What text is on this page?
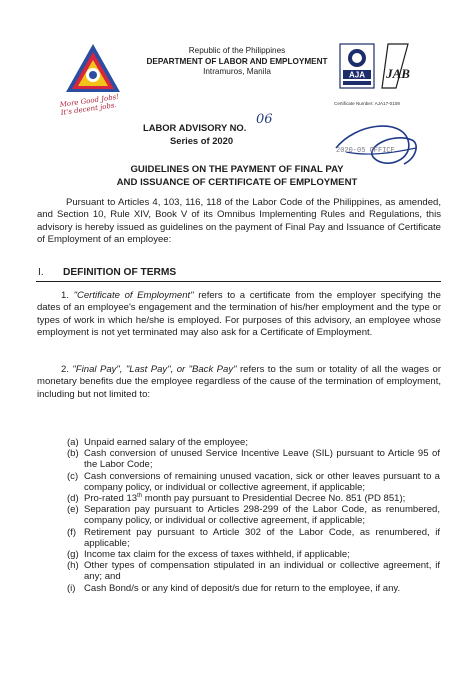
More Good Jobs! It's decent jobs.
Republic of the Philippines
DEPARTMENT OF LABOR AND EMPLOYMENT
Intramuros, Manila	AJA JAB
Certificate Number: AJA17-0108
LABOR ADVISORY NO.
06
Series of 2020
2020-05 OFFICE
GUIDELINES ON THE PAYMENT OF FINAL PAY
AND ISSUANCE OF CERTIFICATE OF EMPLOYMENT
Pursuant to Articles 4, 103, 116, 118 of the Labor Code of the Philippines, as amended, and Section 10, Rule XIV, Book V of its Omnibus Implementing Rules and Regulations, this advisory is hereby issued as guidelines on the payment of Final Pay and Issuance of Certificate of Employment of an employee:
I. DEFINITION OF TERMS
1. "Certificate of Employment" refers to a certificate from the employer specifying the dates of an employee's engagement and the termination of his/her employment and the type or types of work in which he/she is employed. For purposes of this advisory, an employee whose employment is not yet terminated may also ask for a Certificate of Employment.
2. "Final Pay", "Last Pay", or "Back Pay" refers to the sum or totality of all the wages or monetary benefits due the employee regardless of the cause of the termination of employment, including but not limited to:
(a) Unpaid earned salary of the employee;
(b) Cash conversion of unused Service Incentive Leave (SIL) pursuant to Article 95 of the Labor Code;
(c) Cash conversions of remaining unused vacation, sick or other leaves pursuant to a company policy, or individual or collective agreement, if applicable;
(d) Pro-rated 13th month pay pursuant to Presidential Decree No. 851 (PD 851);
(e) Separation pay pursuant to Articles 298-299 of the Labor Code, as renumbered, company policy, or individual or collective agreement, if applicable;
(f) Retirement pay pursuant to Article 302 of the Labor Code, as renumbered, if applicable;
(g) Income tax claim for the excess of taxes withheld, if applicable;
(h) Other types of compensation stipulated in an individual or collective agreement, if any; and
(i) Cash Bond/s or any kind of deposit/s due for return to the employee, if any.
